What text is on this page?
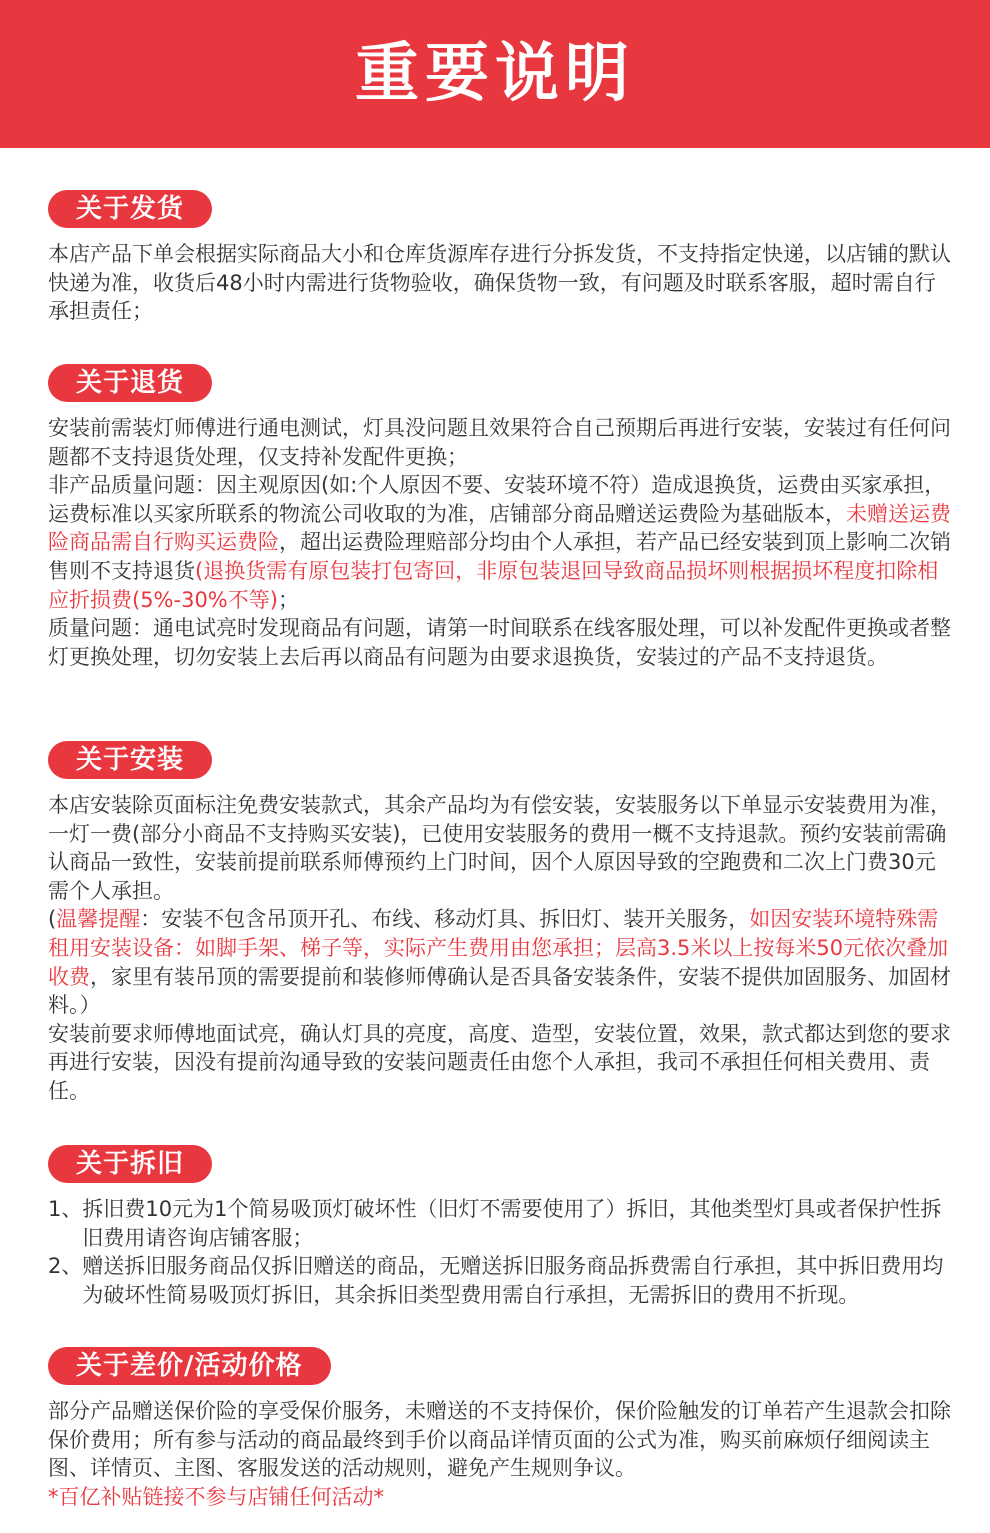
重要说明
关于发货
本店产品下单会根据实际商品大小和仓库货源库存进行分拆发货，不支持指定快递，以店铺的默认快递为准，收货后48小时内需进行货物验收，确保货物一致，有问题及时联系客服，超时需自行承担责任；
关于退货

安装前需装灯师傅进行通电测试，灯具没问题且效果符合自己预期后再进行安装，安装过有任何问题都不支持退货处理，仅支持补发配件更换；

非产品质量问题：因主观原因(如:个人原因不要、安装环境不符）造成退换货，运费由买家承担，运费标准以买家所联系的物流公司收取的为准，店铺部分商品赠送运费险为基础版本，未赠送运费险商品需自行购买运费险，超出运费险理赔部分均由个人承担，若产品已经安装到顶上影响二次销售则不支持退货(退换货需有原包装打包寄回，非原包装退回导致商品损坏则根据损坏程度扣除相应折损费(5%-30%不等)；

质量问题：通电试亮时发现商品有问题，请第一时间联系在线客服处理，可以补发配件更换或者整灯更换处理，切勿安装上去后再以商品有问题为由要求退换货，安装过的产品不支持退货。

关于安装

本店安装除页面标注免费安装款式，其余产品均为有偿安装，安装服务以下单显示安装费用为准，一灯一费(部分小商品不支持购买安装)，已使用安装服务的费用一概不支持退款。预约安装前需确认商品一致性，安装前提前联系师傅预约上门时间，因个人原因导致的空跑费和二次上门费30元需个人承担。

(温馨提醒：安装不包含吊顶开孔、布线、移动灯具、拆旧灯、装开关服务，如因安装环境特殊需租用安装设备：如脚手架、梯子等，实际产生费用由您承担；层高3.5米以上按每米50元依次叠加收费，家里有装吊顶的需要提前和装修师傅确认是否具备安装条件，安装不提供加固服务、加固材料。）

安装前要求师傅地面试亮，确认灯具的亮度，高度、造型，安装位置，效果，款式都达到您的要求再进行安装，因没有提前沟通导致的安装问题责任由您个人承担，我司不承担任何相关费用、责任。

关于拆旧
1、 拆旧费10元为1个简易吸顶灯破坏性（旧灯不需要使用了）拆旧，其他类型灯具或者保护性拆旧费用请咨询店铺客服；
2、 赠送拆旧服务商品仅拆旧赠送的商品，无赠送拆旧服务商品拆费需自行承担，其中拆旧费用均为破坏性简易吸顶灯拆旧，其余拆旧类型费用需自行承担，无需拆旧的费用不折现。
关于差价/活动价格

部分产品赠送保价险的享受保价服务，未赠送的不支持保价，保价险触发的订单若产生退款会扣除保价费用；所有参与活动的商品最终到手价以商品详情页面的公式为准，购买前麻烦仔细阅读主图、详情页、主图、客服发送的活动规则，避免产生规则争议。

*百亿补贴链接不参与店铺任何活动*
